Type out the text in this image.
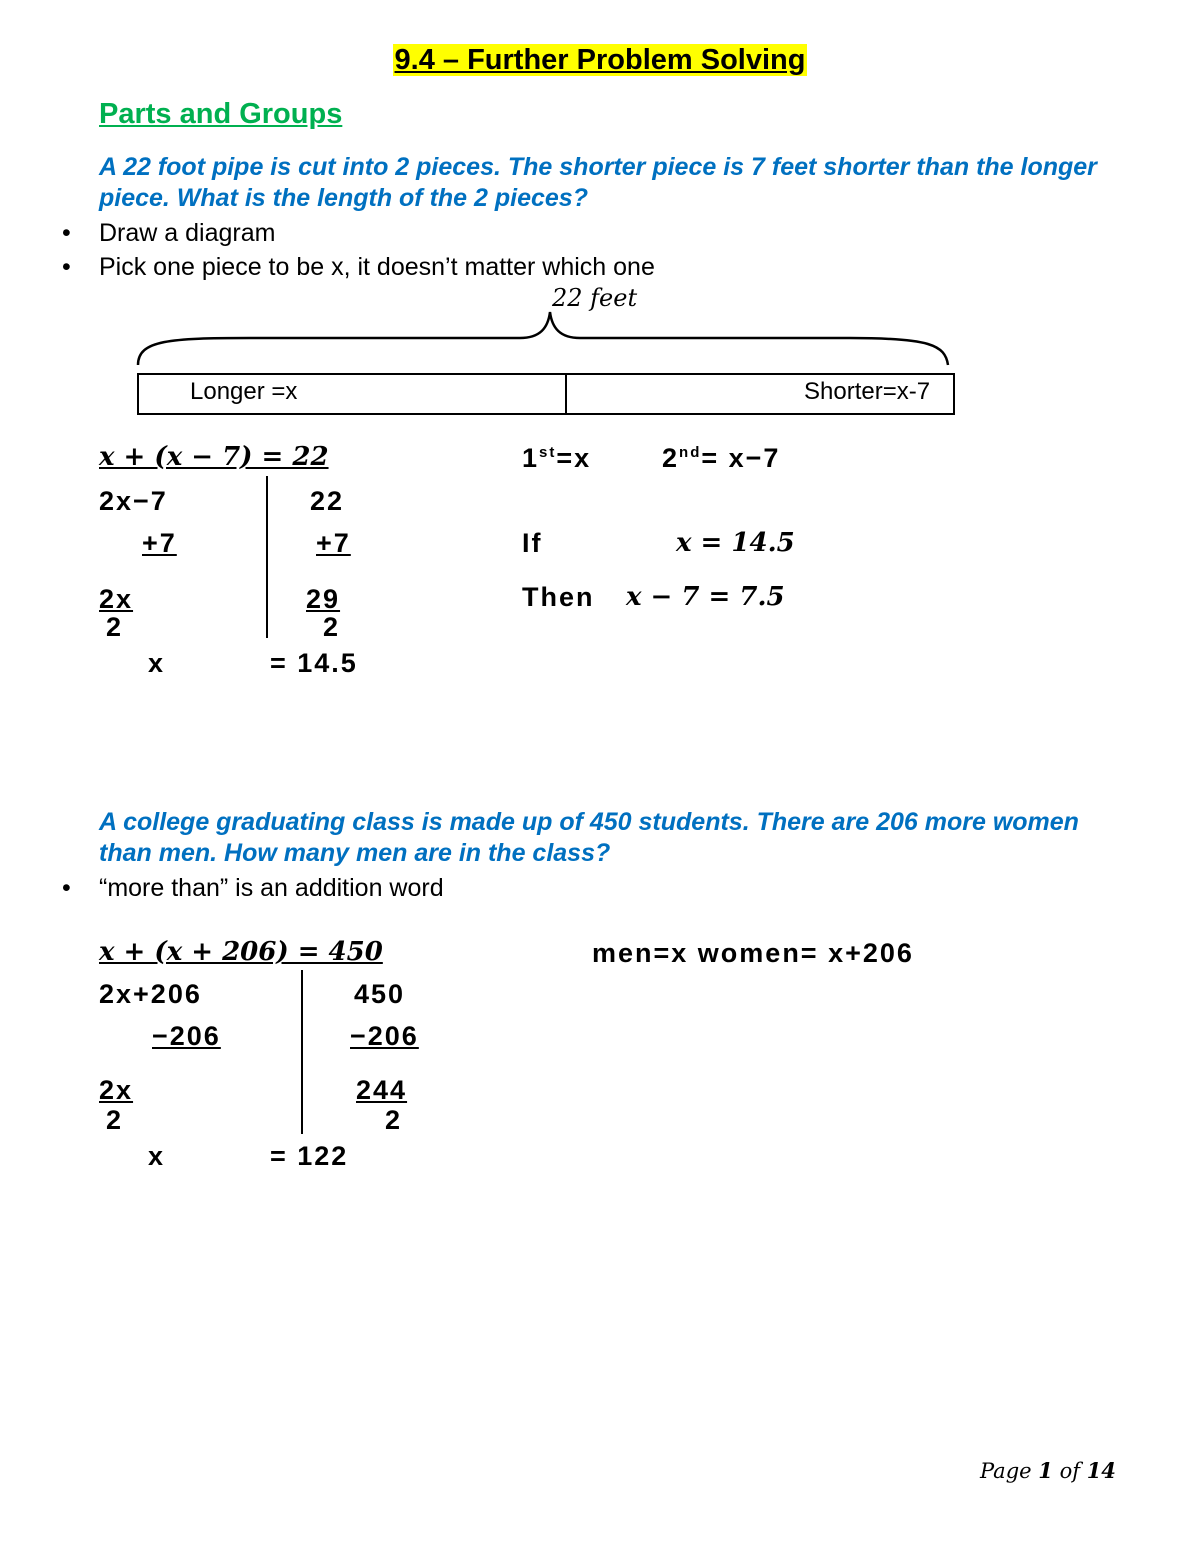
9.4 – Further Problem Solving
Parts and Groups
A 22 foot pipe is cut into 2 pieces. The shorter piece is 7 feet shorter than the longer piece. What is the length of the 2 pieces?
• Draw a diagram
• Pick one piece to be x, it doesn’t matter which one
22 feet
Longer =x	Shorter=x-7
x + (x − 7) = 22
2x−7	22
+7	+7
2x	29
2	2
x	= 14.5
1st=x	2nd= x−7
If	x = 14.5
Then x − 7 = 7.5
A college graduating class is made up of 450 students. There are 206 more women than men. How many men are in the class?
• “more than” is an addition word
x + (x + 206) = 450	men=x women= x+206
2x+206	450
−206	−206
2x	244
2	2
x	= 122
Page 1 of 14
